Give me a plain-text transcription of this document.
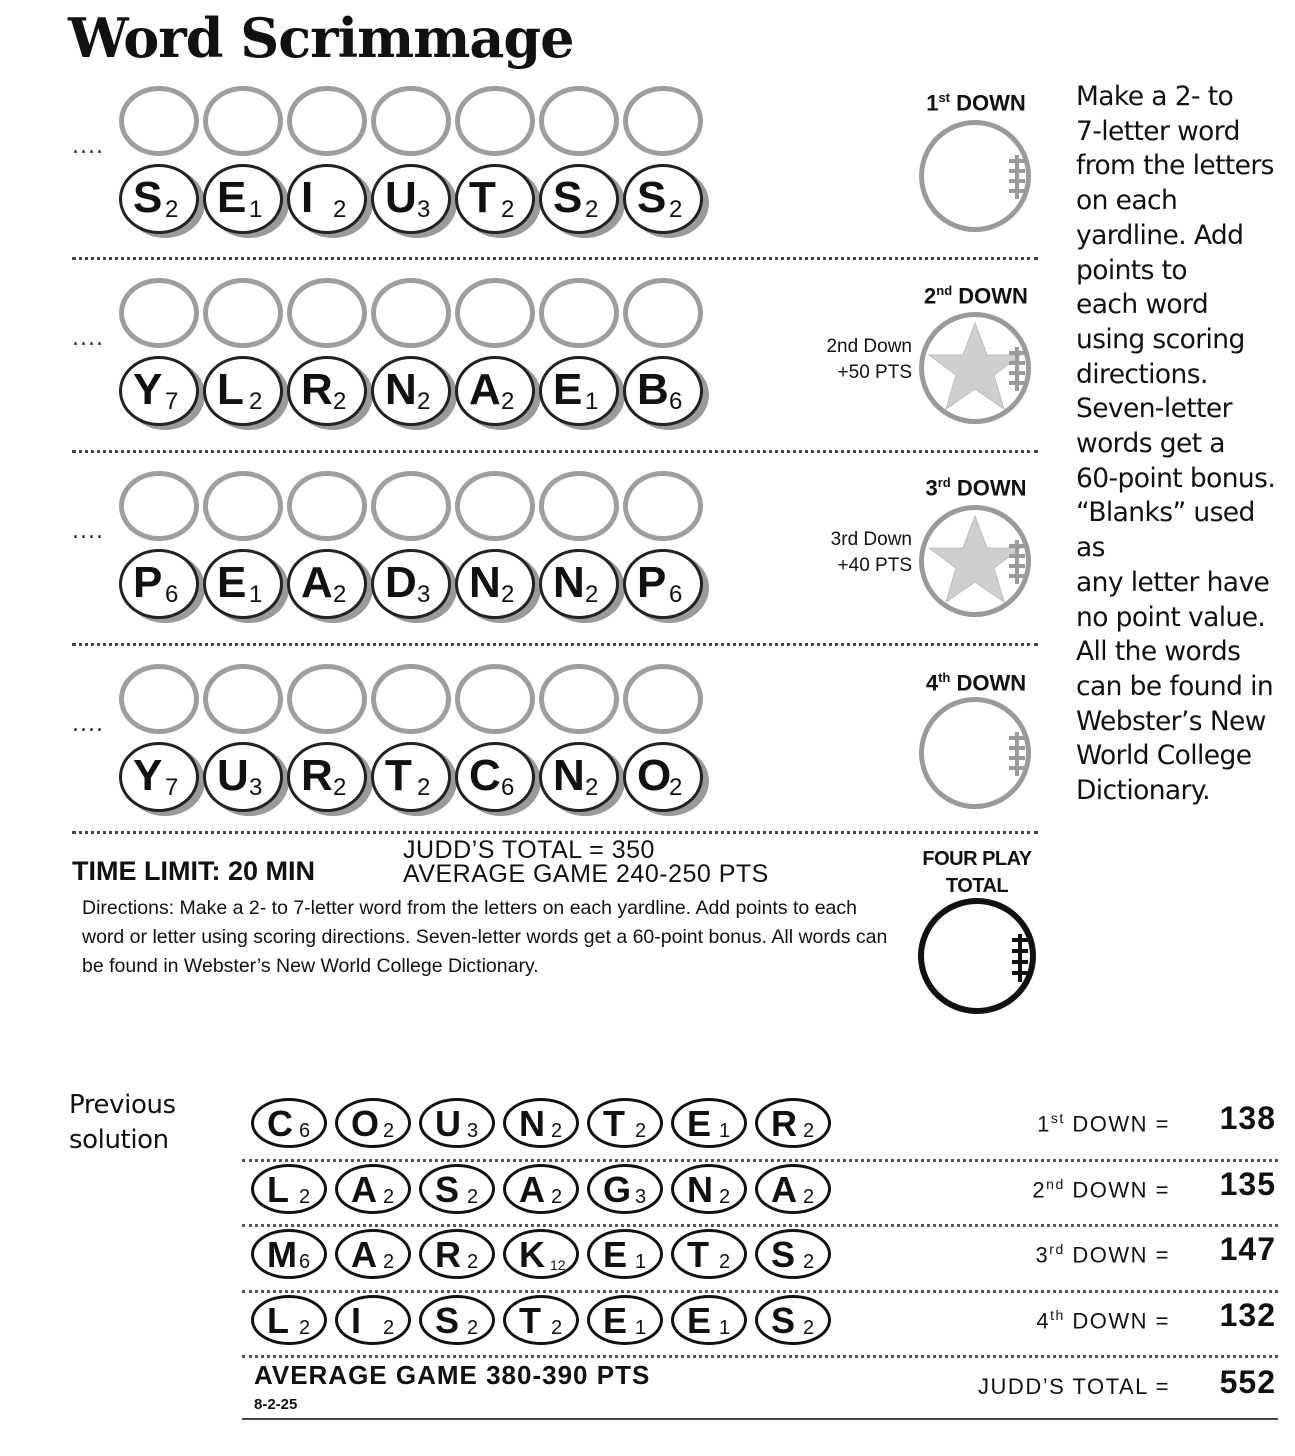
Word Scrimmage
....
S 2 E 1 I 2 U 3 T 2 S 2 S 2
1st DOWN
....
Y 7 L 2 R 2 N 2 A 2 E 1 B 6
2nd DOWN
2nd Down
+50 PTS
....
P 6 E 1 A 2 D 3 N 2 N 2 P 6
3rd DOWN
3rd Down
+40 PTS
....
Y 7 U 3 R 2 T 2 C 6 N 2 O
2
4th DOWN
Make a 2- to
7-letter word
from the letters
on each
yardline. Add
points to
each word
using scoring
directions.
Seven-letter
words get a
60-point bonus.
“Blanks” used as
any letter have
no point value.
All the words
can be found in
Webster’s New
World College
Dictionary.
JUDD’S TOTAL = 350
AVERAGE GAME 240-250 PTS
TIME LIMIT: 20 MIN
Directions: Make a 2- to 7-letter word from the letters on each yardline. Add points to each word or letter using scoring directions. Seven-letter words get a 60-point bonus. All words can be found in Webster’s New World College Dictionary.
FOUR PLAY
TOTAL
Previous
solution	C 6 O 2 U 3 N 2 T 2 E 1 R 2	1st DOWN =	138
L 2 A 2 S 2 A 2 G 3 N 2 A 2	2nd DOWN =	135
M 6 A 2 R 2 K 12 E 1 T 2 S 2	3rd DOWN =	147
L 2 I 2 S 2 T 2 E 1 E 1 S 2	4th DOWN =	132
AVERAGE GAME 380-390 PTS
8-2-25
JUDD’S TOTAL =	552
